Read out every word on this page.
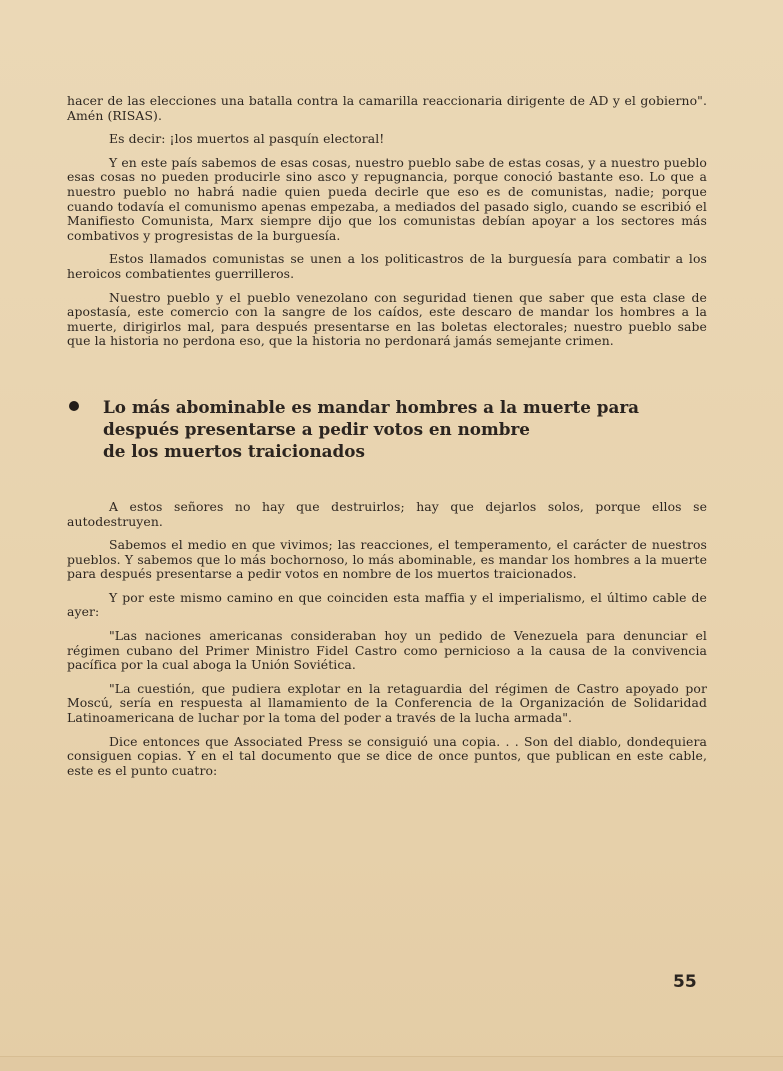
hacer de las elecciones una batalla contra la camarilla reaccionaria dirigente de AD y el gobierno". Amén (RISAS).

Es decir: ¡los muertos al pasquín electoral!

Y en este país sabemos de esas cosas, nuestro pueblo sabe de estas cosas, y a nuestro pueblo esas cosas no pueden producirle sino asco y repugnancia, porque conoció bastante eso. Lo que a nuestro pueblo no habrá nadie quien pueda decirle que eso es de comunistas, nadie; porque cuando todavía el comunismo apenas empezaba, a mediados del pasado siglo, cuando se escribió el Manifiesto Comunista, Marx siempre dijo que los comunistas debían apoyar a los sectores más combativos y progresistas de la burguesía.

Estos llamados comunistas se unen a los politicastros de la burguesía para combatir a los heroicos combatientes guerrilleros.

Nuestro pueblo y el pueblo venezolano con seguridad tienen que saber que esta clase de apostasía, este comercio con la sangre de los caídos, este descaro de mandar los hombres a la muerte, dirigirlos mal, para después presentarse en las boletas electorales; nuestro pueblo sabe que la historia no perdona eso, que la historia no perdonará jamás semejante crimen.

Lo más abominable es mandar hombres a la muerte para
después presentarse a pedir votos en nombre
de los muertos traicionados

A estos señores no hay que destruirlos; hay que dejarlos solos, porque ellos se autodestruyen.

Sabemos el medio en que vivimos; las reacciones, el temperamento, el carácter de nuestros pueblos. Y sabemos que lo más bochornoso, lo más abominable, es mandar los hombres a la muerte para después presentarse a pedir votos en nombre de los muertos traicionados.

Y por este mismo camino en que coinciden esta maffia y el imperialismo, el último cable de ayer:

"Las naciones americanas consideraban hoy un pedido de Venezuela para denunciar el régimen cubano del Primer Ministro Fidel Castro como pernicioso a la causa de la convivencia pacífica por la cual aboga la Unión Soviética.

"La cuestión, que pudiera explotar en la retaguardia del régimen de Castro apoyado por Moscú, sería en respuesta al llamamiento de la Conferencia de la Organización de Solidaridad Latinoamericana de luchar por la toma del poder a través de la lucha armada".

Dice entonces que Associated Press se consiguió una copia. . . Son del diablo, dondequiera consiguen copias. Y en el tal documento que se dice de once puntos, que publican en este cable, este es el punto cuatro:

55
